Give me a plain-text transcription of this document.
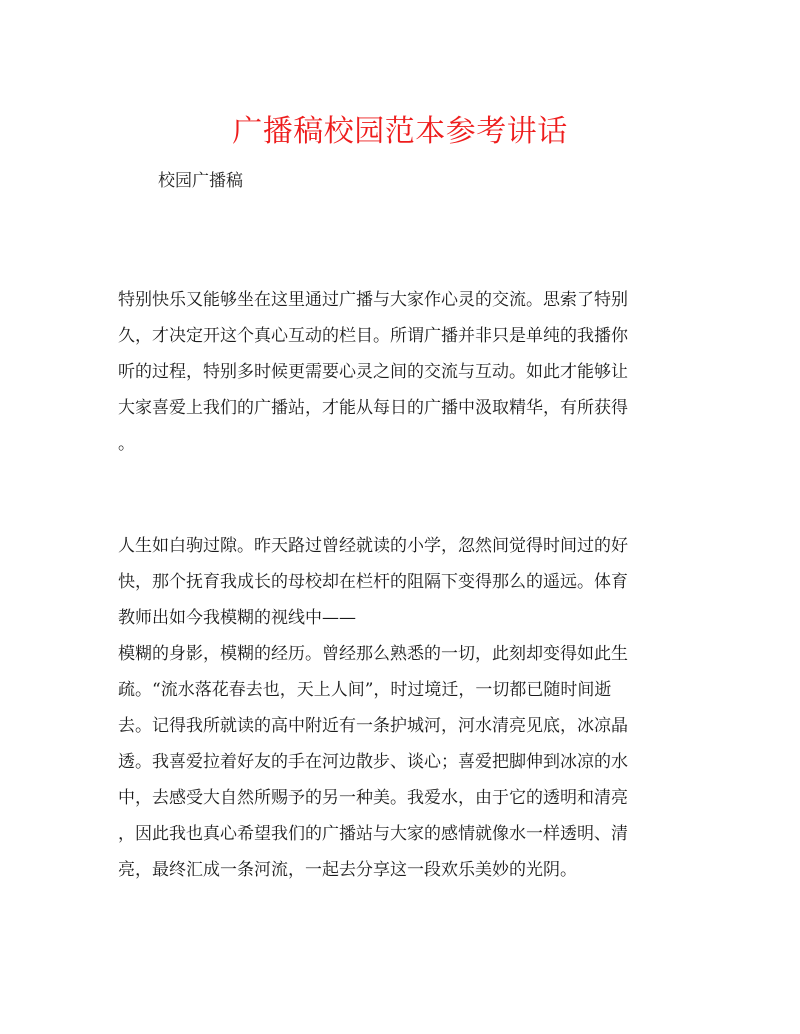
广播稿校园范本参考讲话
校园广播稿
特别快乐又能够坐在这里通过广播与大家作心灵的交流。思索了特别
久，才决定开这个真心互动的栏目。所谓广播并非只是单纯的我播你
听的过程，特别多时候更需要心灵之间的交流与互动。如此才能够让
大家喜爱上我们的广播站，才能从每日的广播中汲取精华，有所获得
。
人生如白驹过隙。昨天路过曾经就读的小学，忽然间觉得时间过的好
快，那个抚育我成长的母校却在栏杆的阻隔下变得那么的遥远。体育
教师出如今我模糊的视线中——
模糊的身影，模糊的经历。曾经那么熟悉的一切，此刻却变得如此生
疏。“流水落花春去也，天上人间”，时过境迁，一切都已随时间逝
去。记得我所就读的高中附近有一条护城河，河水清亮见底，冰凉晶
透。我喜爱拉着好友的手在河边散步、谈心；喜爱把脚伸到冰凉的水
中，去感受大自然所赐予的另一种美。我爱水，由于它的透明和清亮
，因此我也真心希望我们的广播站与大家的感情就像水一样透明、清
亮，最终汇成一条河流，一起去分享这一段欢乐美妙的光阴。
